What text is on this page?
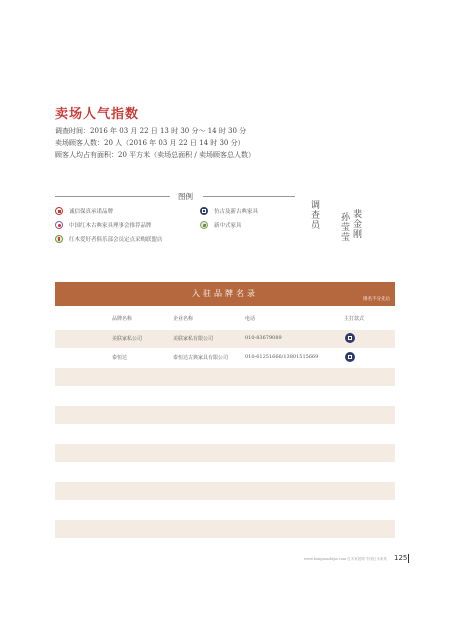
卖场人气指数
调查时间：2016 年 03 月 22 日 13 时 30 分～ 14 时 30 分
卖场顾客人数：20 人（2016 年 03 月 22 日 14 时 30 分）
顾客人均占有面积：20 平方米（卖场总面积 / 卖场顾客总人数）
图例
诚信保真承诺品牌
中国红木古典家具理事会推荐品牌
红木爱好者俱乐部会员定点采购联盟店
仿古及新古典家具
新中式家具	调查员	裴金刚
孙莹莹
入驻品牌名录
排名不分先后
品牌名称	企业名称	电话	主打款式
美联家私公司	美联家私有限公司	010-83679089
泰恒达	泰恒达古典家具有限公司	010-61251666/13801515669
www.hongmuzhijia.com 红木家居网 中国红木家具 125
